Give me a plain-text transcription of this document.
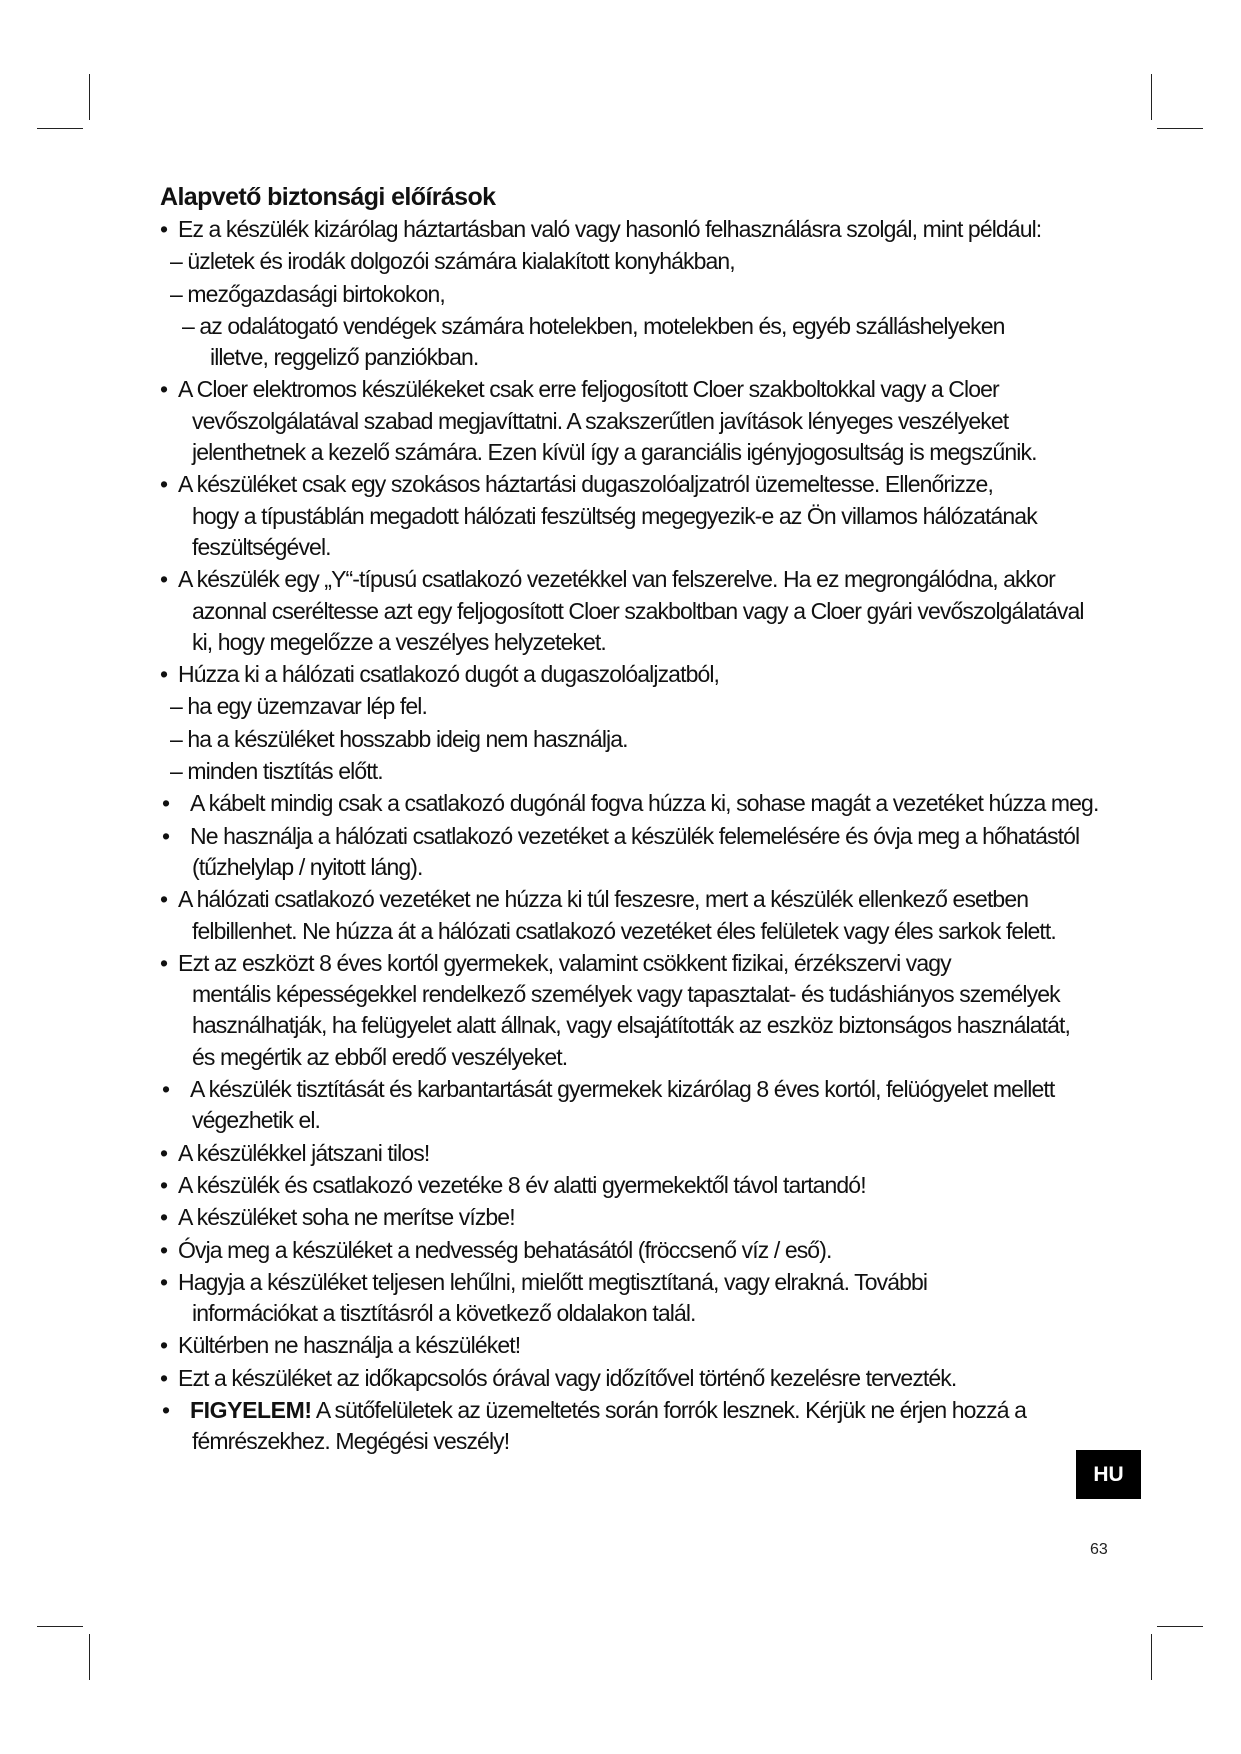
Alapvető biztonsági előírások
• Ez a készülék kizárólag háztartásban való vagy hasonló felhasználásra szolgál, mint például:
– üzletek és irodák dolgozói számára kialakított konyhákban,
– mezőgazdasági birtokokon,
– az odalátogató vendégek számára hotelekben, motelekben és, egyéb szálláshelyeken
illetve, reggeliző panziókban.
• A Cloer elektromos készülékeket csak erre feljogosított Cloer szakboltokkal vagy a Cloer
vevőszolgálatával szabad megjavíttatni. A szakszerűtlen javítások lényeges veszélyeket
jelenthetnek a kezelő számára. Ezen kívül így a garanciális igényjogosultság is megszűnik.
• A készüléket csak egy szokásos háztartási dugaszolóaljzatról üzemeltesse. Ellenőrizze,
hogy a típustáblán megadott hálózati feszültség megegyezik-e az Ön villamos hálózatának
feszültségével.
• A készülék egy „Y“-típusú csatlakozó vezetékkel van felszerelve. Ha ez megrongálódna, akkor
azonnal cseréltesse azt egy feljogosított Cloer szakboltban vagy a Cloer gyári vevőszolgálatával
ki, hogy megelőzze a veszélyes helyzeteket.
• Húzza ki a hálózati csatlakozó dugót a dugaszolóaljzatból,
– ha egy üzemzavar lép fel.
– ha a készüléket hosszabb ideig nem használja.
– minden tisztítás előtt.
• A kábelt mindig csak a csatlakozó dugónál fogva húzza ki, sohase magát a vezetéket húzza meg.
• Ne használja a hálózati csatlakozó vezetéket a készülék felemelésére és óvja meg a hőhatástól
(tűzhelylap / nyitott láng).
• A hálózati csatlakozó vezetéket ne húzza ki túl feszesre, mert a készülék ellenkező esetben
felbillenhet. Ne húzza át a hálózati csatlakozó vezetéket éles felületek vagy éles sarkok felett.
• Ezt az eszközt 8 éves kortól gyermekek, valamint csökkent fizikai, érzékszervi vagy
mentális képességekkel rendelkező személyek vagy tapasztalat- és tudáshiányos személyek
használhatják, ha felügyelet alatt állnak, vagy elsajátították az eszköz biztonságos használatát,
és megértik az ebből eredő veszélyeket.
• A készülék tisztítását és karbantartását gyermekek kizárólag 8 éves kortól, felüógyelet mellett
végezhetik el.
• A készülékkel játszani tilos!
• A készülék és csatlakozó vezetéke 8 év alatti gyermekektől távol tartandó!
• A készüléket soha ne merítse vízbe!
• Óvja meg a készüléket a nedvesség behatásától (fröccsenő víz / eső).
• Hagyja a készüléket teljesen lehűlni, mielőtt megtisztítaná, vagy elrakná. További
információkat a tisztításról a következő oldalakon talál.
• Kültérben ne használja a készüléket!
• Ezt a készüléket az időkapcsolós órával vagy időzítővel történő kezelésre tervezték.
• FIGYELEM! A sütőfelületek az üzemeltetés során forrók lesznek. Kérjük ne érjen hozzá a
fémrészekhez. Megégési veszély!
HU
63
